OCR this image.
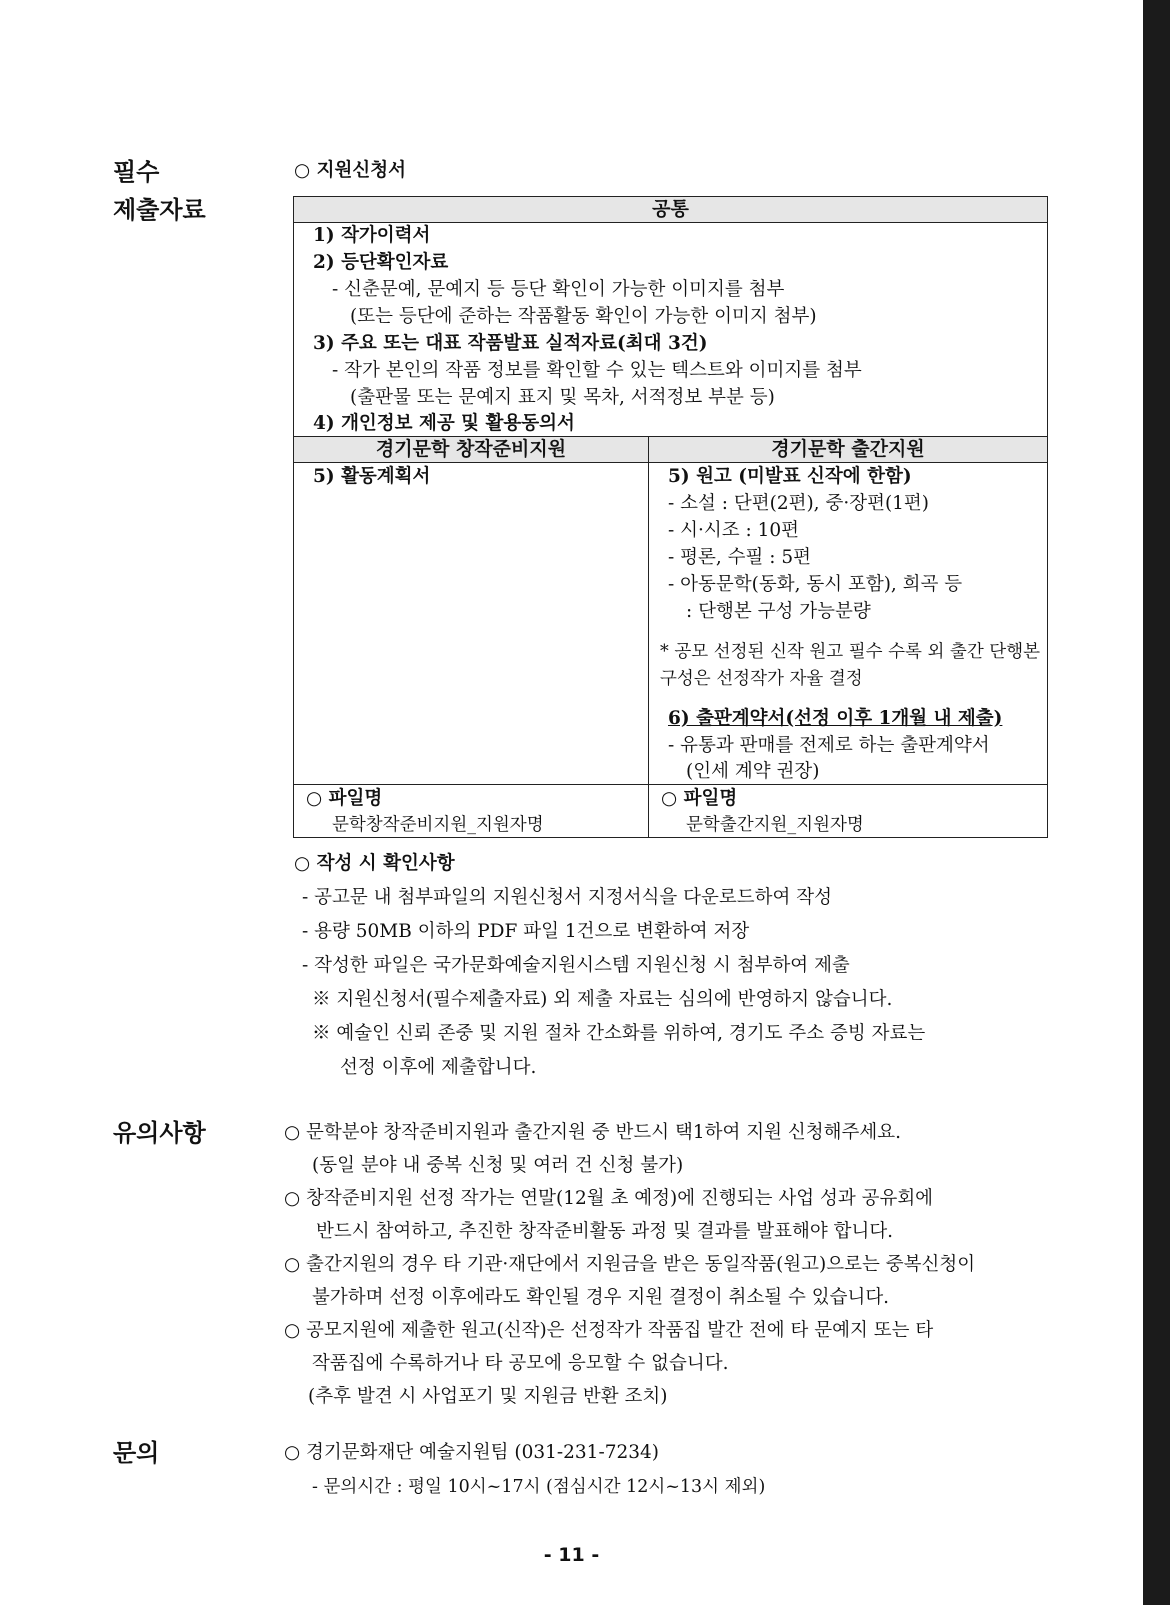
필수
제출자료
유의사항
문의
○ 지원신청서
공통
경기문학 창작준비지원	경기문학 출간지원
1) 작가이력서
2) 등단확인자료
- 신춘문예, 문예지 등 등단 확인이 가능한 이미지를 첨부
(또는 등단에 준하는 작품활동 확인이 가능한 이미지 첨부)
3) 주요 또는 대표 작품발표 실적자료(최대 3건)
- 작가 본인의 작품 정보를 확인할 수 있는 텍스트와 이미지를 첨부
(출판물 또는 문예지 표지 및 목차, 서적정보 부분 등)
4) 개인정보 제공 및 활용동의서
5) 활동계획서	5) 원고 (미발표 신작에 한함)
- 소설 : 단편(2편), 중·장편(1편)
- 시·시조 : 10편
- 평론, 수필 : 5편
- 아동문학(동화, 동시 포함), 희곡 등
: 단행본 구성 가능분량
* 공모 선정된 신작 원고 필수 수록 외 출간 단행본
구성은 선정작가 자율 결정
6) 출판계약서(선정 이후 1개월 내 제출)
- 유통과 판매를 전제로 하는 출판계약서
(인세 계약 권장)
○ 파일명
문학창작준비지원_지원자명
○ 파일명
문학출간지원_지원자명
○ 작성 시 확인사항
- 공고문 내 첨부파일의 지원신청서 지정서식을 다운로드하여 작성
- 용량 50MB 이하의 PDF 파일 1건으로 변환하여 저장
- 작성한 파일은 국가문화예술지원시스템 지원신청 시 첨부하여 제출
※ 지원신청서(필수제출자료) 외 제출 자료는 심의에 반영하지 않습니다.
※ 예술인 신뢰 존중 및 지원 절차 간소화를 위하여, 경기도 주소 증빙 자료는
선정 이후에 제출합니다.
○ 문학분야 창작준비지원과 출간지원 중 반드시 택1하여 지원 신청해주세요.
(동일 분야 내 중복 신청 및 여러 건 신청 불가)
○ 창작준비지원 선정 작가는 연말(12월 초 예정)에 진행되는 사업 성과 공유회에
반드시 참여하고, 추진한 창작준비활동 과정 및 결과를 발표해야 합니다.
○ 출간지원의 경우 타 기관·재단에서 지원금을 받은 동일작품(원고)으로는 중복신청이
불가하며 선정 이후에라도 확인될 경우 지원 결정이 취소될 수 있습니다.
○ 공모지원에 제출한 원고(신작)은 선정작가 작품집 발간 전에 타 문예지 또는 타
작품집에 수록하거나 타 공모에 응모할 수 없습니다.
(추후 발견 시 사업포기 및 지원금 반환 조치)
○ 경기문화재단 예술지원팀 (031-231-7234)
- 문의시간 : 평일 10시~17시 (점심시간 12시~13시 제외)
- 11 -
